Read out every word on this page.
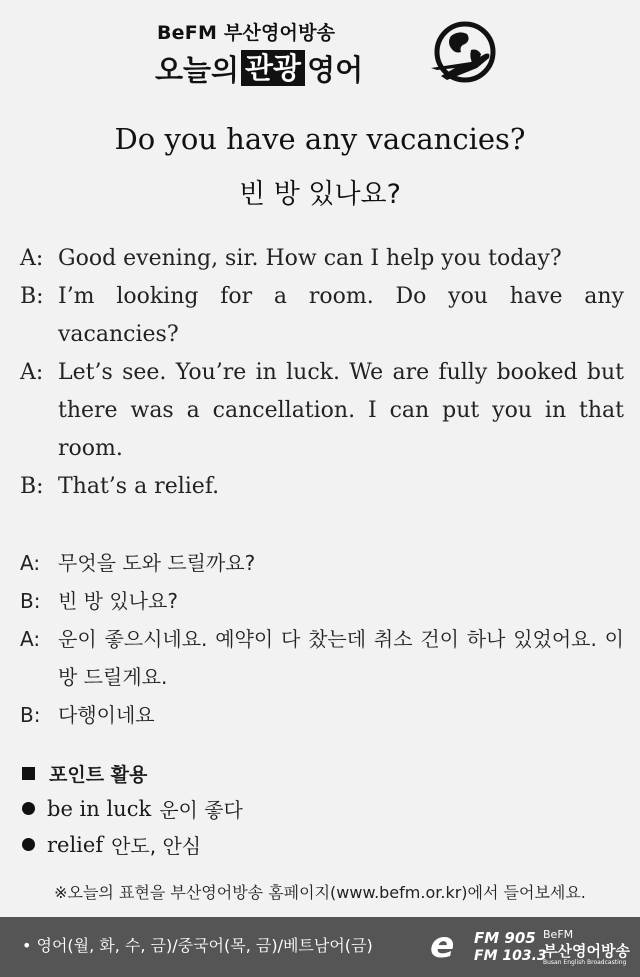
BeFM 부산영어방송
오늘의 관광 영어
Do you have any vacancies?
빈 방 있나요?
A: Good evening, sir. How can I help you today?
B: I’m looking for a room. Do you have any vacancies?
A: Let’s see. You’re in luck. We are fully booked but there was a cancellation. I can put you in that room.
B: That’s a relief.
A: 무엇을 도와 드릴까요?
B: 빈 방 있나요?
A: 운이 좋으시네요. 예약이 다 찼는데 취소 건이 하나 있었어요. 이 방 드릴게요.
B: 다행이네요
포인트 활용
be in luck 운이 좋다
relief 안도, 안심
※오늘의 표현을 부산영어방송 홈페이지(www.befm.or.kr)에서 들어보세요.
• 영어(월, 화, 수, 금)/중국어(목, 금)/베트남어(금) e FM 905
FM 103.3
BeFM
부산영어방송
Busan English Broadcasting
